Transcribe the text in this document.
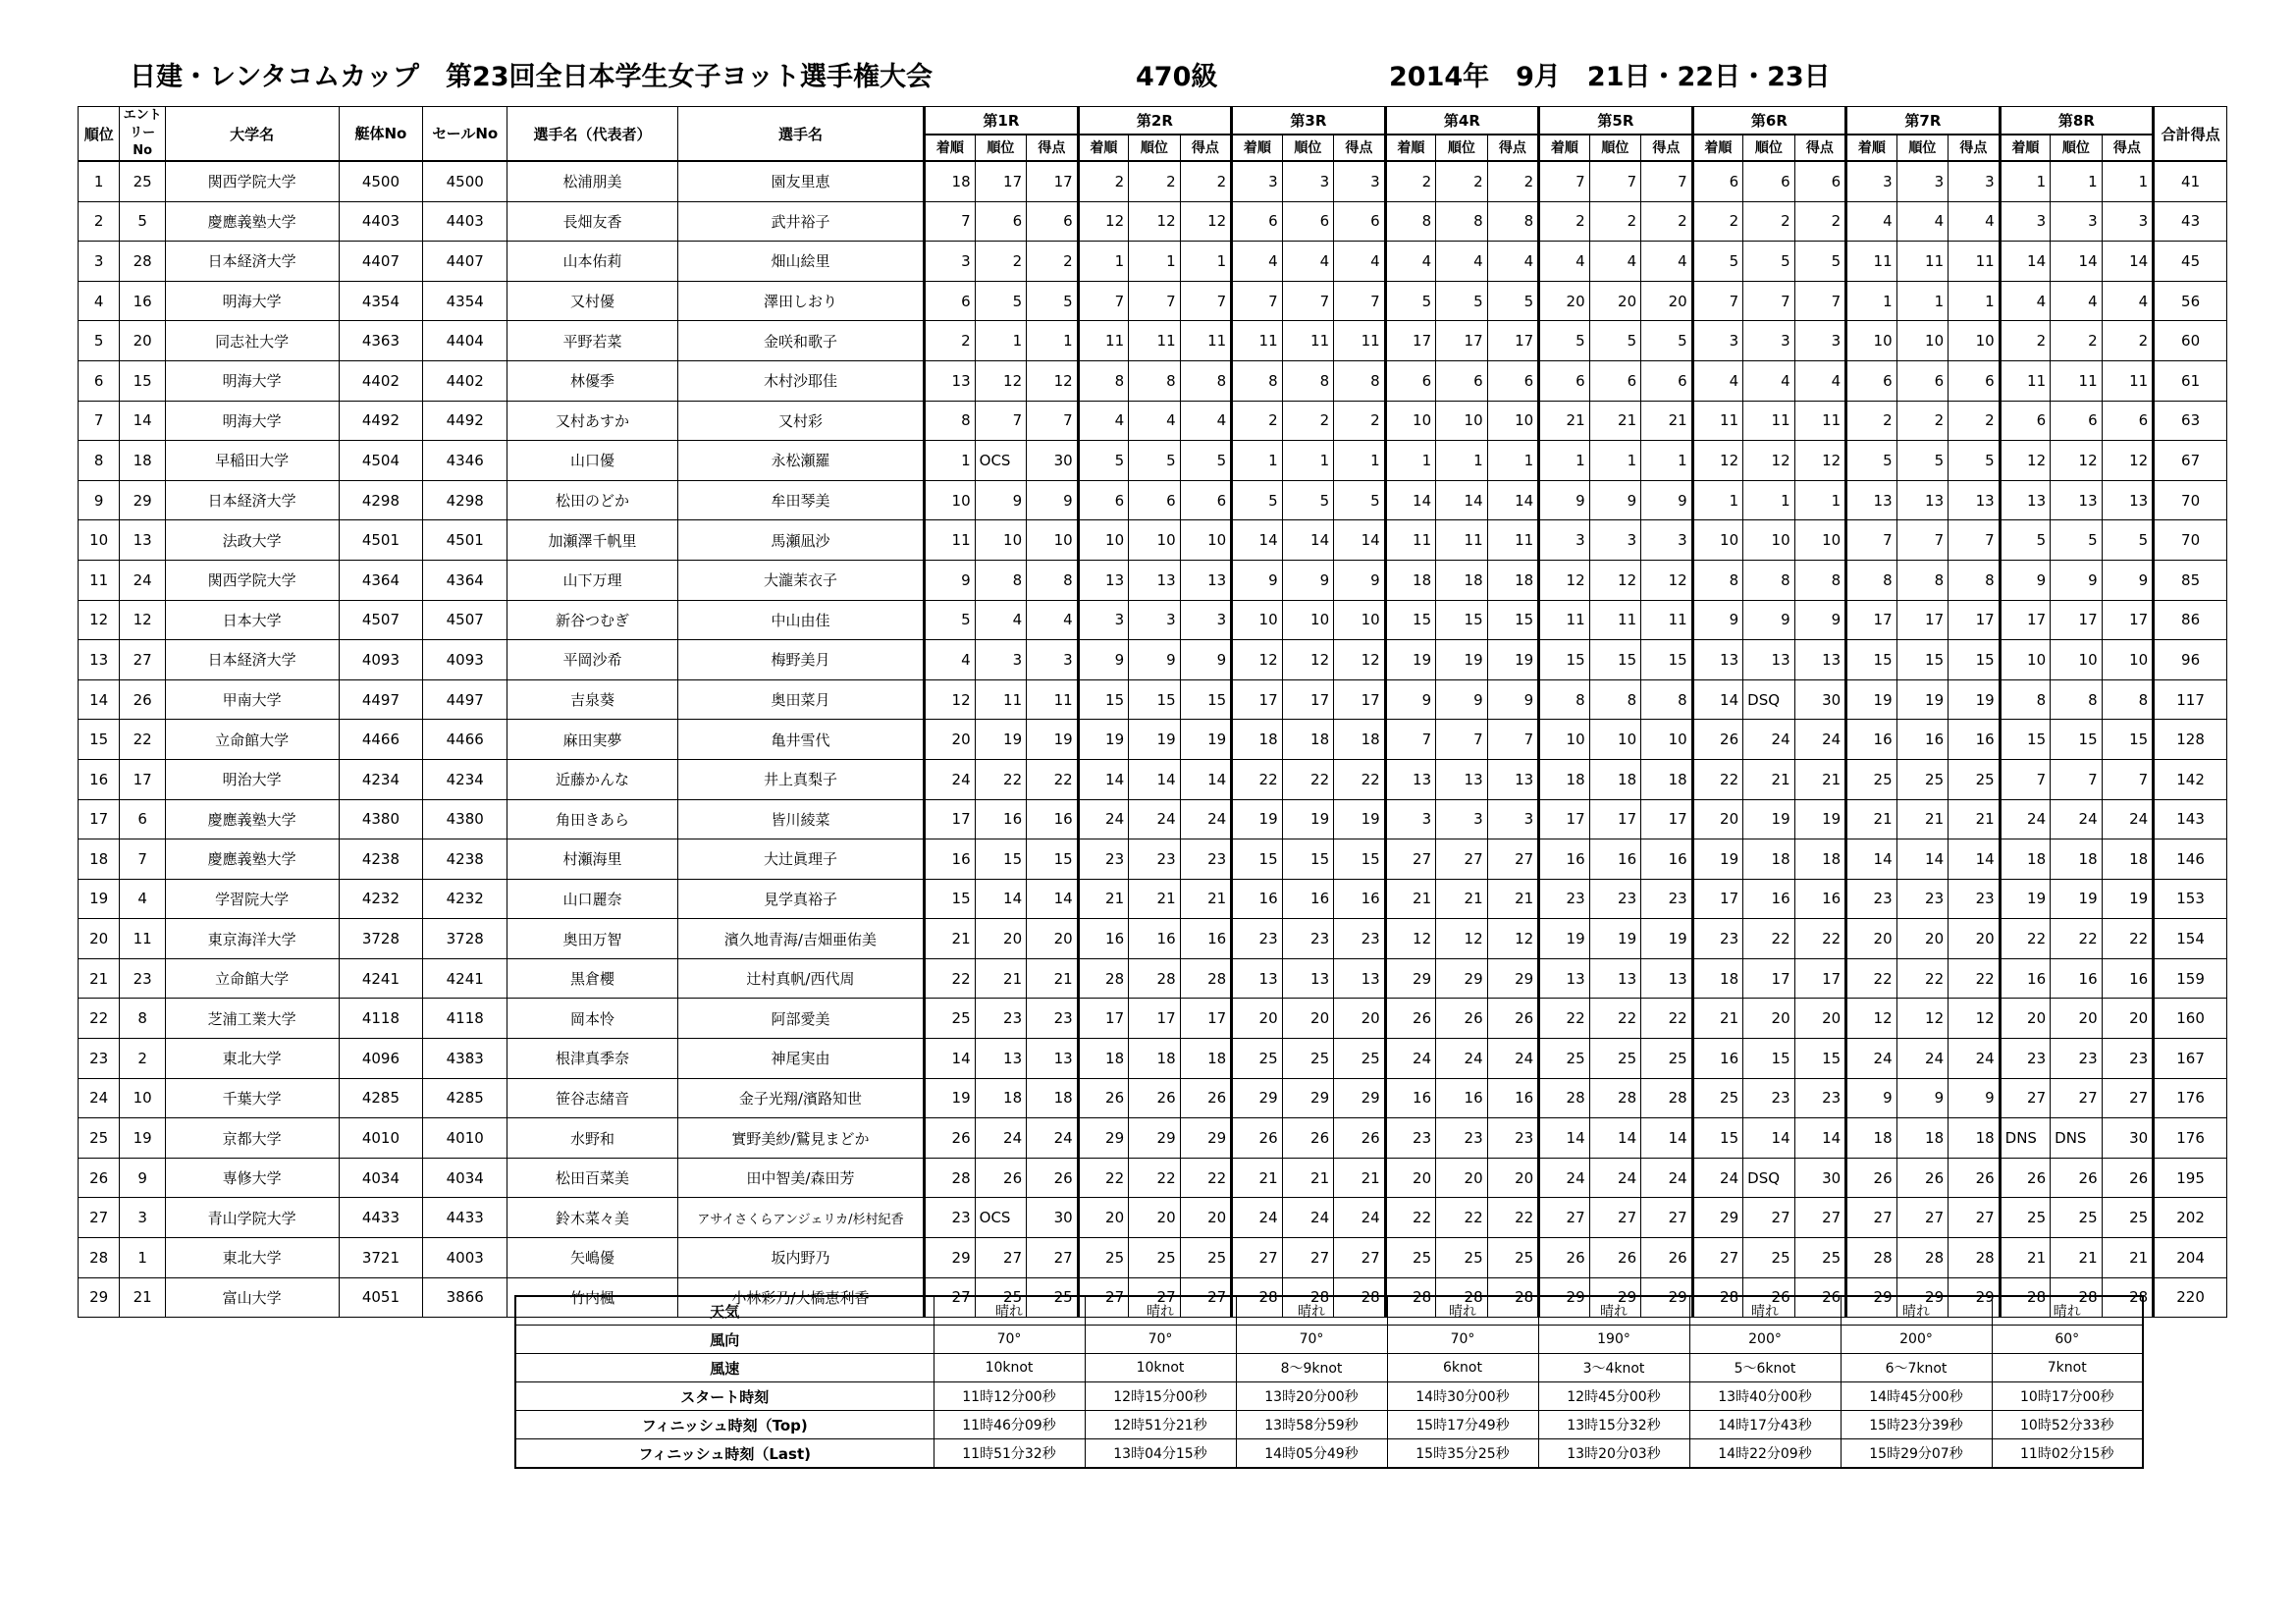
日建・レンタコムカップ　第23回全日本学生女子ヨット選手権大会	470級	2014年　9月　21日・22日・23日
順位	エントリーNo	大学名	艇体No	セールNo	選手名（代表者）	選手名	第1R			第2R			第3R			第4R			第5R			第6R			第7R			第8R			合計得点
							着順	順位	得点	着順	順位	得点	着順	順位	得点	着順	順位	得点	着順	順位	得点	着順	順位	得点	着順	順位	得点	着順	順位	得点	
1	25	関西学院大学	4500	4500	松浦朋美	園友里恵	18	17	17	2	2	2	3	3	3	2	2	2	7	7	7	6	6	6	3	3	3	1	1	1	41
2	5	慶應義塾大学	4403	4403	長畑友香	武井裕子	7	6	6	12	12	12	6	6	6	8	8	8	2	2	2	2	2	2	4	4	4	3	3	3	43
3	28	日本経済大学	4407	4407	山本佑莉	畑山絵里	3	2	2	1	1	1	4	4	4	4	4	4	4	4	4	5	5	5	11	11	11	14	14	14	45
4	16	明海大学	4354	4354	又村優	澤田しおり	6	5	5	7	7	7	7	7	7	5	5	5	20	20	20	7	7	7	1	1	1	4	4	4	56
5	20	同志社大学	4363	4404	平野若菜	金咲和歌子	2	1	1	11	11	11	11	11	11	17	17	17	5	5	5	3	3	3	10	10	10	2	2	2	60
6	15	明海大学	4402	4402	林優季	木村沙耶佳	13	12	12	8	8	8	8	8	8	6	6	6	6	6	6	4	4	4	6	6	6	11	11	11	61
7	14	明海大学	4492	4492	又村あすか	又村彩	8	7	7	4	4	4	2	2	2	10	10	10	21	21	21	11	11	11	2	2	2	6	6	6	63
8	18	早稲田大学	4504	4346	山口優	永松瀬羅	1	OCS	30	5	5	5	1	1	1	1	1	1	1	1	1	12	12	12	5	5	5	12	12	12	67
9	29	日本経済大学	4298	4298	松田のどか	牟田琴美	10	9	9	6	6	6	5	5	5	14	14	14	9	9	9	1	1	1	13	13	13	13	13	13	70
10	13	法政大学	4501	4501	加瀬澤千帆里	馬瀬凪沙	11	10	10	10	10	10	14	14	14	11	11	11	3	3	3	10	10	10	7	7	7	5	5	5	70
11	24	関西学院大学	4364	4364	山下万理	大瀧茉衣子	9	8	8	13	13	13	9	9	9	18	18	18	12	12	12	8	8	8	8	8	8	9	9	9	85
12	12	日本大学	4507	4507	新谷つむぎ	中山由佳	5	4	4	3	3	3	10	10	10	15	15	15	11	11	11	9	9	9	17	17	17	17	17	17	86
13	27	日本経済大学	4093	4093	平岡沙希	梅野美月	4	3	3	9	9	9	12	12	12	19	19	19	15	15	15	13	13	13	15	15	15	10	10	10	96
14	26	甲南大学	4497	4497	吉泉葵	奥田菜月	12	11	11	15	15	15	17	17	17	9	9	9	8	8	8	14	DSQ	30	19	19	19	8	8	8	117
15	22	立命館大学	4466	4466	麻田実夢	亀井雪代	20	19	19	19	19	19	18	18	18	7	7	7	10	10	10	26	24	24	16	16	16	15	15	15	128
16	17	明治大学	4234	4234	近藤かんな	井上真梨子	24	22	22	14	14	14	22	22	22	13	13	13	18	18	18	22	21	21	25	25	25	7	7	7	142
17	6	慶應義塾大学	4380	4380	角田きあら	皆川綾菜	17	16	16	24	24	24	19	19	19	3	3	3	17	17	17	20	19	19	21	21	21	24	24	24	143
18	7	慶應義塾大学	4238	4238	村瀬海里	大辻眞理子	16	15	15	23	23	23	15	15	15	27	27	27	16	16	16	19	18	18	14	14	14	18	18	18	146
19	4	学習院大学	4232	4232	山口麗奈	見学真裕子	15	14	14	21	21	21	16	16	16	21	21	21	23	23	23	17	16	16	23	23	23	19	19	19	153
20	11	東京海洋大学	3728	3728	奥田万智	濱久地青海/吉畑亜佑美	21	20	20	16	16	16	23	23	23	12	12	12	19	19	19	23	22	22	20	20	20	22	22	22	154
21	23	立命館大学	4241	4241	黒倉櫻	辻村真帆/西代周	22	21	21	28	28	28	13	13	13	29	29	29	13	13	13	18	17	17	22	22	22	16	16	16	159
22	8	芝浦工業大学	4118	4118	岡本怜	阿部愛美	25	23	23	17	17	17	20	20	20	26	26	26	22	22	22	21	20	20	12	12	12	20	20	20	160
23	2	東北大学	4096	4383	根津真季奈	神尾実由	14	13	13	18	18	18	25	25	25	24	24	24	25	25	25	16	15	15	24	24	24	23	23	23	167
24	10	千葉大学	4285	4285	笹谷志緒音	金子光翔/濱路知世	19	18	18	26	26	26	29	29	29	16	16	16	28	28	28	25	23	23	9	9	9	27	27	27	176
25	19	京都大学	4010	4010	水野和	實野美紗/鷲見まどか	26	24	24	29	29	29	26	26	26	23	23	23	14	14	14	15	14	14	18	18	18	DNS	DNS	30	176
26	9	専修大学	4034	4034	松田百菜美	田中智美/森田芳	28	26	26	22	22	22	21	21	21	20	20	20	24	24	24	24	DSQ	30	26	26	26	26	26	26	195
27	3	青山学院大学	4433	4433	鈴木菜々美	アサイさくらアンジェリカ/杉村紀香	23	OCS	30	20	20	20	24	24	24	22	22	22	27	27	27	29	27	27	27	27	27	25	25	25	202
28	1	東北大学	3721	4003	矢嶋優	坂内野乃	29	27	27	25	25	25	27	27	27	25	25	25	26	26	26	27	25	25	28	28	28	21	21	21	204
29	21	富山大学	4051	3866	竹内楓	小林彩乃/大橋恵利香	27	25	25	27	27	27	28	28	28	28	28	28	29	29	29	28	26	26	29	29	29	28	28	28	220
天気	晴れ	晴れ	晴れ	晴れ	晴れ	晴れ	晴れ	晴れ
風向	70°	70°	70°	70°	190°	200°	200°	60°
風速	10knot	10knot	8〜9knot	6knot	3〜4knot	5〜6knot	6〜7knot	7knot
スタート時刻	11時12分00秒	12時15分00秒	13時20分00秒	14時30分00秒	12時45分00秒	13時40分00秒	14時45分00秒	10時17分00秒
フィニッシュ時刻（Top)	11時46分09秒	12時51分21秒	13時58分59秒	15時17分49秒	13時15分32秒	14時17分43秒	15時23分39秒	10時52分33秒
フィニッシュ時刻（Last)	11時51分32秒	13時04分15秒	14時05分49秒	15時35分25秒	13時20分03秒	14時22分09秒	15時29分07秒	11時02分15秒
